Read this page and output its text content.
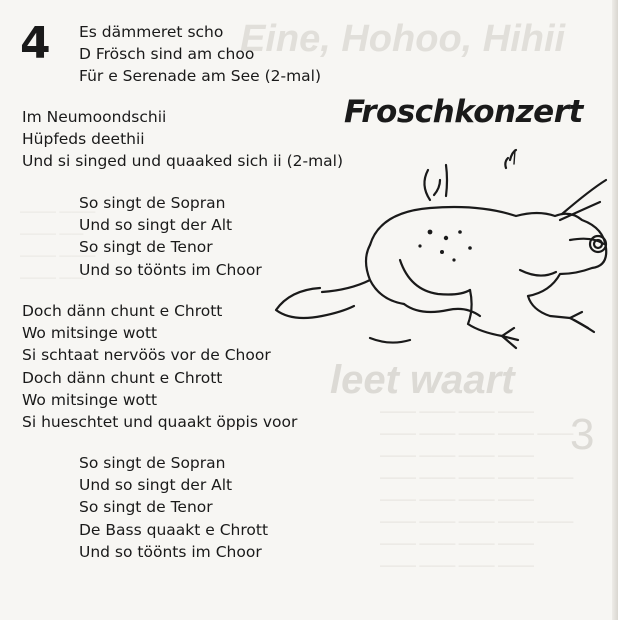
Eine, Hohoo, Hihii
leet waart
——— ——— ——— ———
——— ——— ——— ——— ———
——— ——— ——— ———
——— ——— ——— ——— ———
——— ——— ——— ———
——— ——— ——— ——— ———
——— ——— ——— ———
——— ——— ——— ———
——— ———
——— ——
——— ———
——— ——
3
4
Froschkonzert
Es dämmeret scho
D Frösch sind am choo
Für e Serenade am See (2-mal)
Im Neumoondschii
Hüpfeds deethii
Und si singed und quaaked sich ii (2-mal)
So singt de Sopran
Und so singt der Alt
So singt de Tenor
Und so töönts im Choor
Doch dänn chunt e Chrott
Wo mitsinge wott
Si schtaat nervöös vor de Choor
Doch dänn chunt e Chrott
Wo mitsinge wott
Si hueschtet und quaakt öppis voor
So singt de Sopran
Und so singt der Alt
So singt de Tenor
De Bass quaakt e Chrott
Und so töönts im Choor
